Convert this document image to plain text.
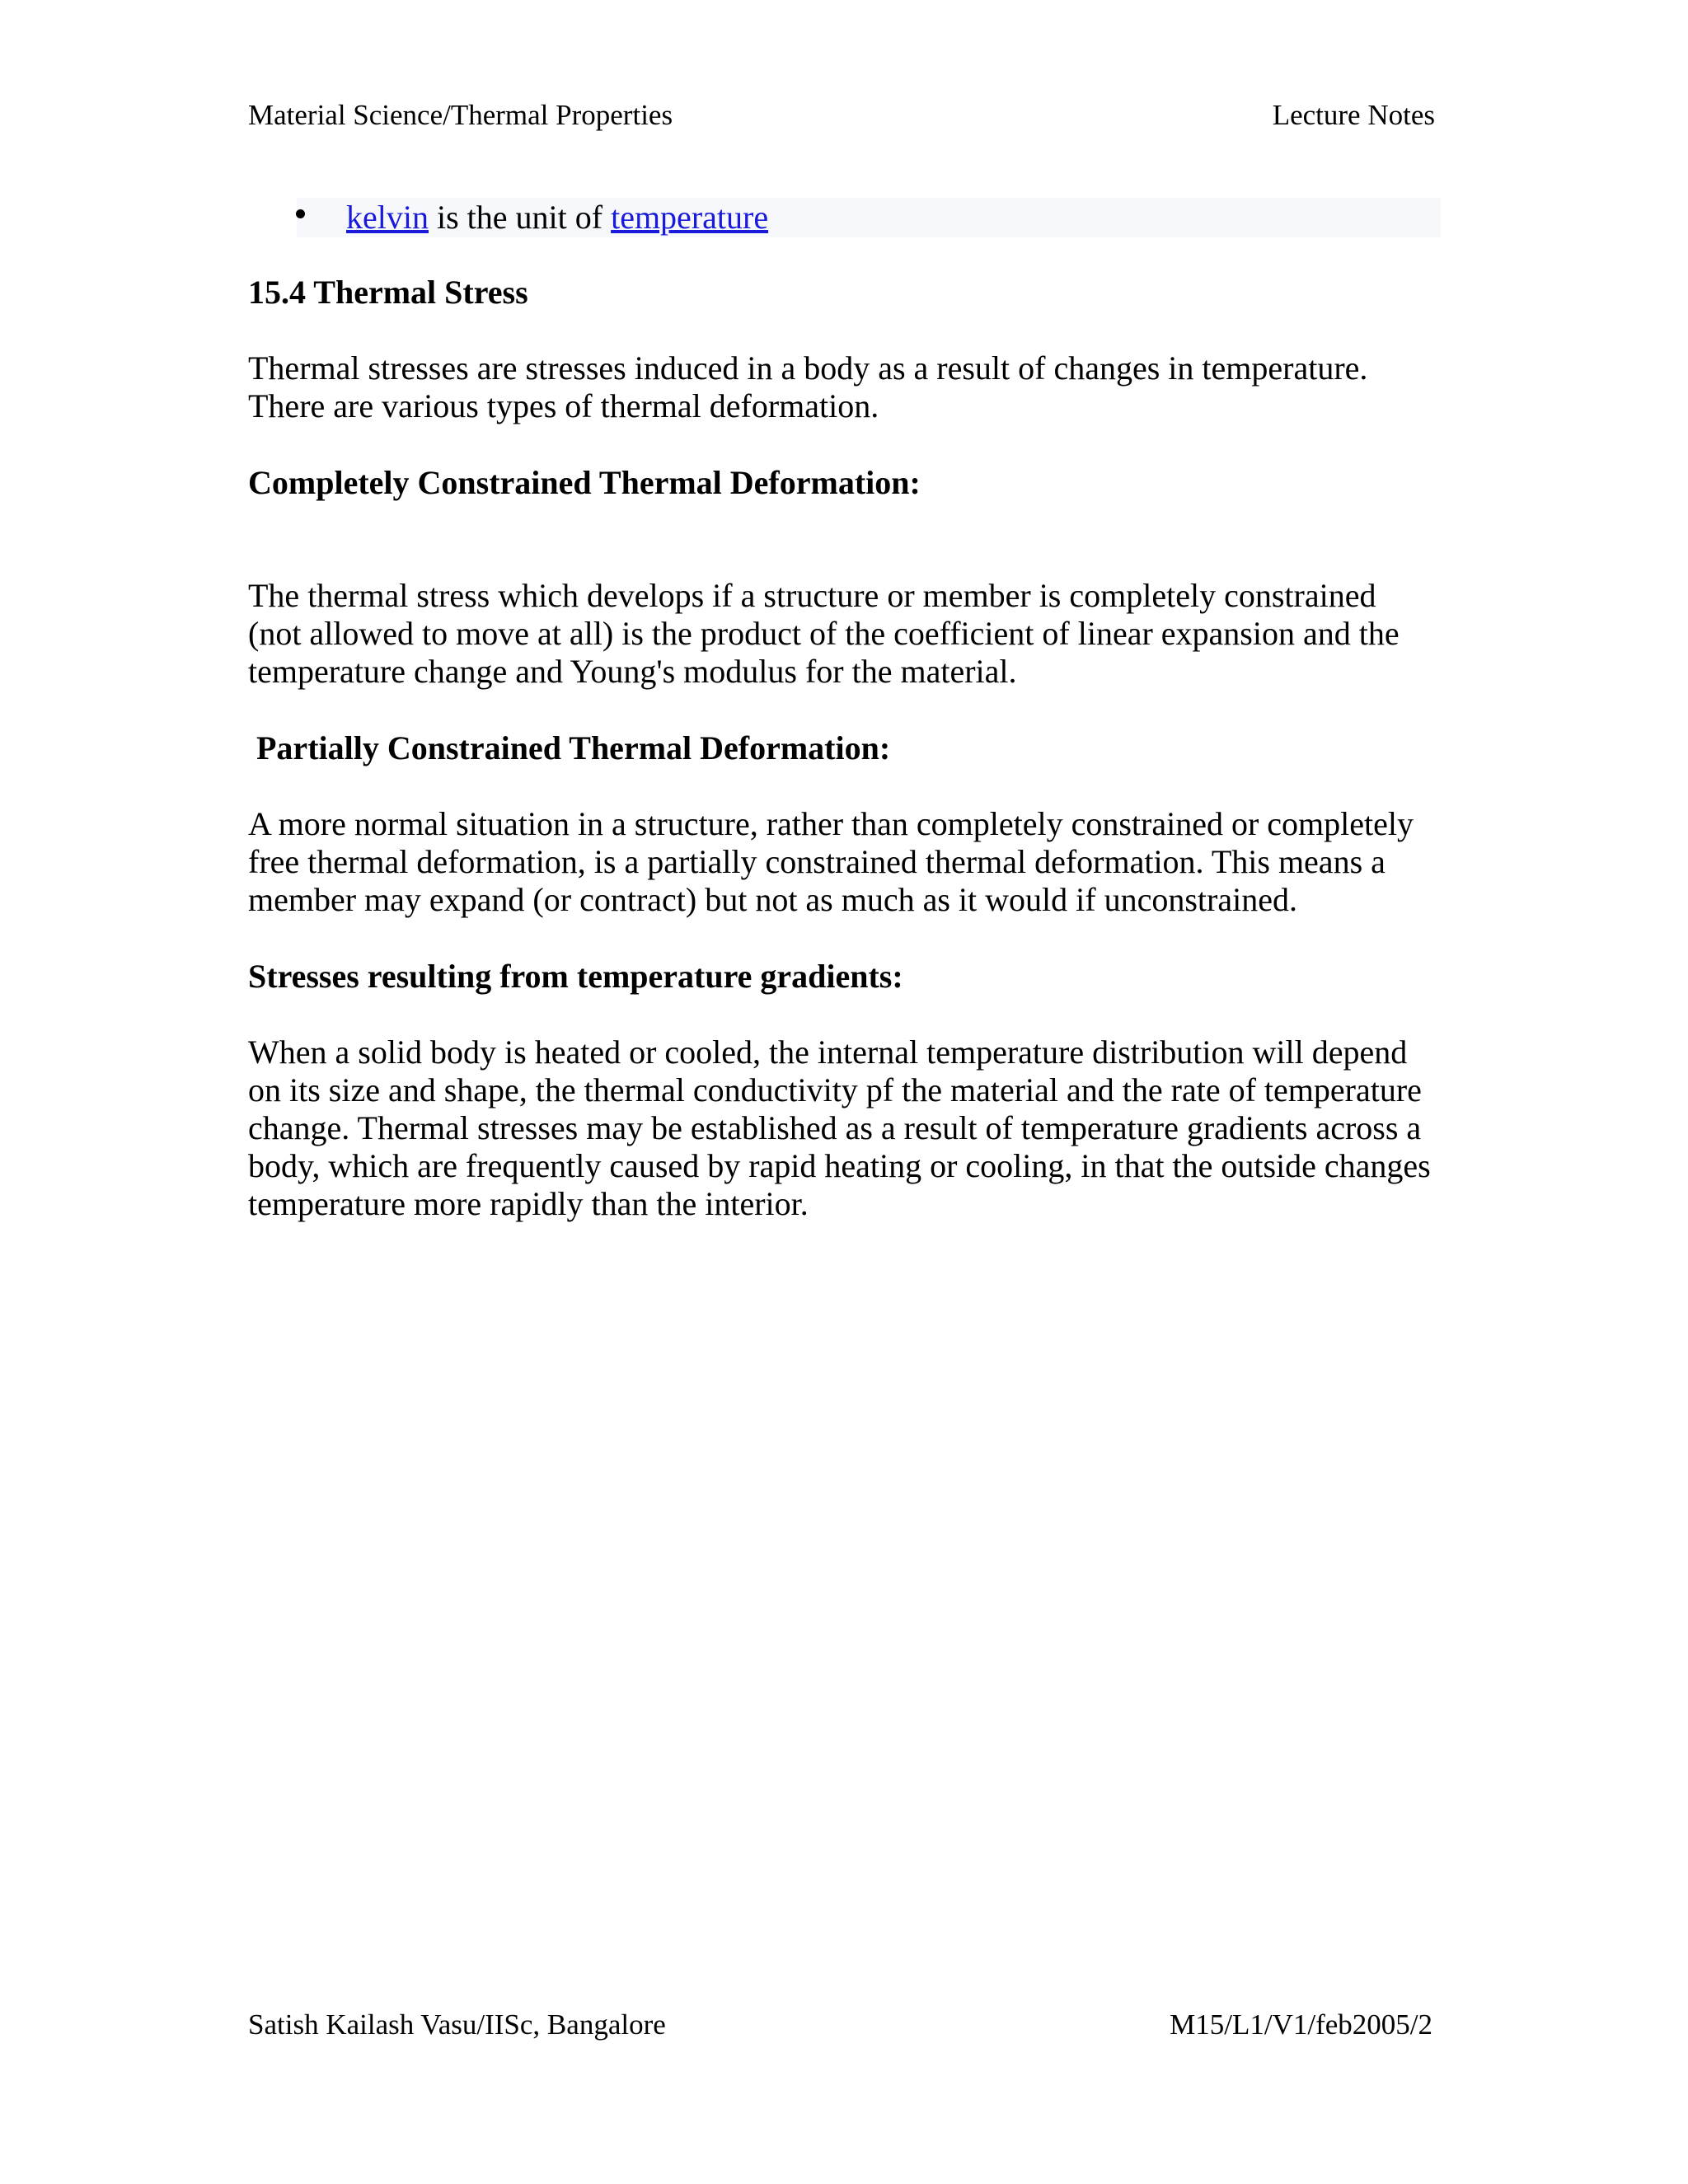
Material Science/Thermal Properties	Lecture Notes
kelvin is the unit of temperature
15.4 Thermal Stress
Thermal stresses are stresses induced in a body as a result of changes in temperature.
There are various types of thermal deformation.
Completely Constrained Thermal Deformation:
The thermal stress which develops if a structure or member is completely constrained
(not allowed to move at all) is the product of the coefficient of linear expansion and the
temperature change and Young's modulus for the material.
Partially Constrained Thermal Deformation:
A more normal situation in a structure, rather than completely constrained or completely
free thermal deformation, is a partially constrained thermal deformation. This means a
member may expand (or contract) but not as much as it would if unconstrained.
Stresses resulting from temperature gradients:
When a solid body is heated or cooled, the internal temperature distribution will depend
on its size and shape, the thermal conductivity pf the material and the rate of temperature
change. Thermal stresses may be established as a result of temperature gradients across a
body, which are frequently caused by rapid heating or cooling, in that the outside changes
temperature more rapidly than the interior.
Satish Kailash Vasu/IISc, Bangalore	M15/L1/V1/feb2005/2
